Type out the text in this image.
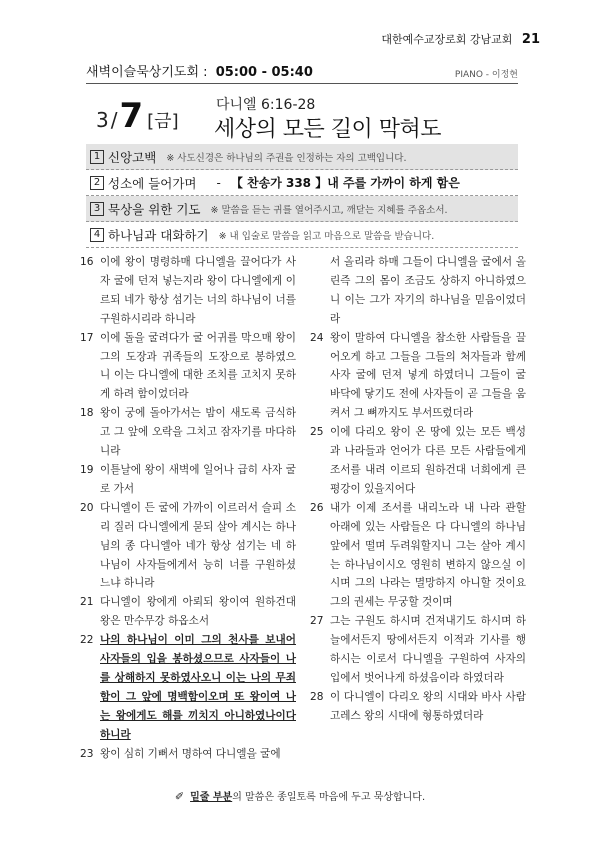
대한예수교장로회 강남교회 21
새벽이슬묵상기도회 : 05:00 - 05:40	PIANO - 이정현
3 / 7 [금]
다니엘 6:16-28
세상의 모든 길이 막혀도
1 신앙고백 ※ 사도신경은 하나님의 주권을 인정하는 자의 고백입니다.
2 성소에 들어가며 - 【 찬송가 338 】내 주를 가까이 하게 함은
3 묵상을 위한 기도 ※ 말씀을 듣는 귀를 열어주시고, 깨닫는 지혜를 주옵소서.
4 하나님과 대화하기 ※ 내 입술로 말씀을 읽고 마음으로 말씀을 받습니다.
16 이에 왕이 명령하매 다니엘을 끌어다가 사자 굴에 던져 넣는지라 왕이 다니엘에게 이르되 네가 항상 섬기는 너의 하나님이 너를 구원하시리라 하니라
17 이에 돌을 굴려다가 굴 어귀를 막으매 왕이 그의 도장과 귀족들의 도장으로 봉하였으니 이는 다니엘에 대한 조치를 고치지 못하게 하려 함이었더라
18 왕이 궁에 돌아가서는 밤이 새도록 금식하고 그 앞에 오락을 그치고 잠자기를 마다하니라
19 이튿날에 왕이 새벽에 일어나 급히 사자 굴로 가서
20 다니엘이 든 굴에 가까이 이르러서 슬피 소리 질러 다니엘에게 묻되 살아 계시는 하나님의 종 다니엘아 네가 항상 섬기는 네 하나님이 사자들에게서 능히 너를 구원하셨느냐 하니라
21 다니엘이 왕에게 아뢰되 왕이여 원하건대 왕은 만수무강 하옵소서
22 나의 하나님이 이미 그의 천사를 보내어 사자들의 입을 봉하셨으므로 사자들이 나를 상해하지 못하였사오니 이는 나의 무죄함이 그 앞에 명백함이오며 또 왕이여 나는 왕에게도 해를 끼치지 아니하였나이다 하니라
23 왕이 심히 기뻐서 명하여 다니엘을 굴에
서 올리라 하매 그들이 다니엘을 굴에서 올린즉 그의 몸이 조금도 상하지 아니하였으니 이는 그가 자기의 하나님을 믿음이었더라
24 왕이 말하여 다니엘을 참소한 사람들을 끌어오게 하고 그들을 그들의 처자들과 함께 사자 굴에 던져 넣게 하였더니 그들이 굴 바닥에 닿기도 전에 사자들이 곧 그들을 움켜서 그 뼈까지도 부서뜨렸더라
25 이에 다리오 왕이 온 땅에 있는 모든 백성과 나라들과 언어가 다른 모든 사람들에게 조서를 내려 이르되 원하건대 너희에게 큰 평강이 있을지어다
26 내가 이제 조서를 내리노라 내 나라 관할 아래에 있는 사람들은 다 다니엘의 하나님 앞에서 떨며 두려워할지니 그는 살아 계시는 하나님이시오 영원히 변하지 않으실 이시며 그의 나라는 멸망하지 아니할 것이요 그의 권세는 무궁할 것이며
27 그는 구원도 하시며 건져내기도 하시며 하늘에서든지 땅에서든지 이적과 기사를 행하시는 이로서 다니엘을 구원하여 사자의 입에서 벗어나게 하셨음이라 하였더라
28 이 다니엘이 다리오 왕의 시대와 바사 사람 고레스 왕의 시대에 형통하였더라
✐ 밑줄 부분의 말씀은 종일토록 마음에 두고 묵상합니다.
